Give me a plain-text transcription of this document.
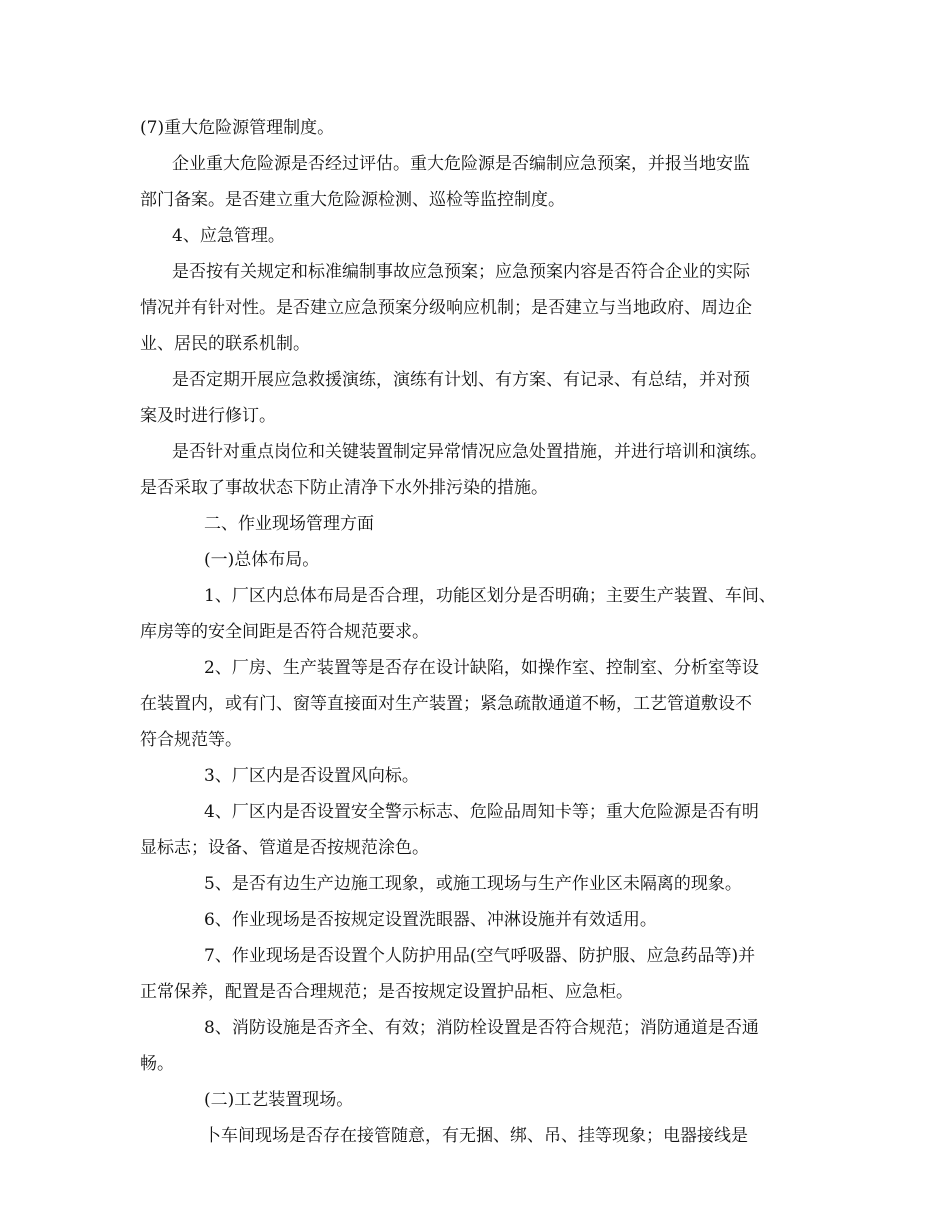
(7)重大危险源管理制度。
企业重大危险源是否经过评估。重大危险源是否编制应急预案，并报当地安监
部门备案。是否建立重大危险源检测、巡检等监控制度。
4、应急管理。
是否按有关规定和标准编制事故应急预案；应急预案内容是否符合企业的实际
情况并有针对性。是否建立应急预案分级响应机制；是否建立与当地政府、周边企
业、居民的联系机制。
是否定期开展应急救援演练，演练有计划、有方案、有记录、有总结，并对预
案及时进行修订。
是否针对重点岗位和关键装置制定异常情况应急处置措施，并进行培训和演练。
是否采取了事故状态下防止清净下水外排污染的措施。
二、作业现场管理方面
(一)总体布局。
1、厂区内总体布局是否合理，功能区划分是否明确；主要生产装置、车间、
库房等的安全间距是否符合规范要求。
2、厂房、生产装置等是否存在设计缺陷，如操作室、控制室、分析室等设
在装置内，或有门、窗等直接面对生产装置；紧急疏散通道不畅，工艺管道敷设不
符合规范等。
3、厂区内是否设置风向标。
4、厂区内是否设置安全警示标志、危险品周知卡等；重大危险源是否有明
显标志；设备、管道是否按规范涂色。
5、是否有边生产边施工现象，或施工现场与生产作业区未隔离的现象。
6、作业现场是否按规定设置洗眼器、冲淋设施并有效适用。
7、作业现场是否设置个人防护用品(空气呼吸器、防护服、应急药品等)并
正常保养，配置是否合理规范；是否按规定设置护品柜、应急柜。
8、消防设施是否齐全、有效；消防栓设置是否符合规范；消防通道是否通
畅。
(二)工艺装置现场。
卜车间现场是否存在接管随意，有无捆、绑、吊、挂等现象；电器接线是
